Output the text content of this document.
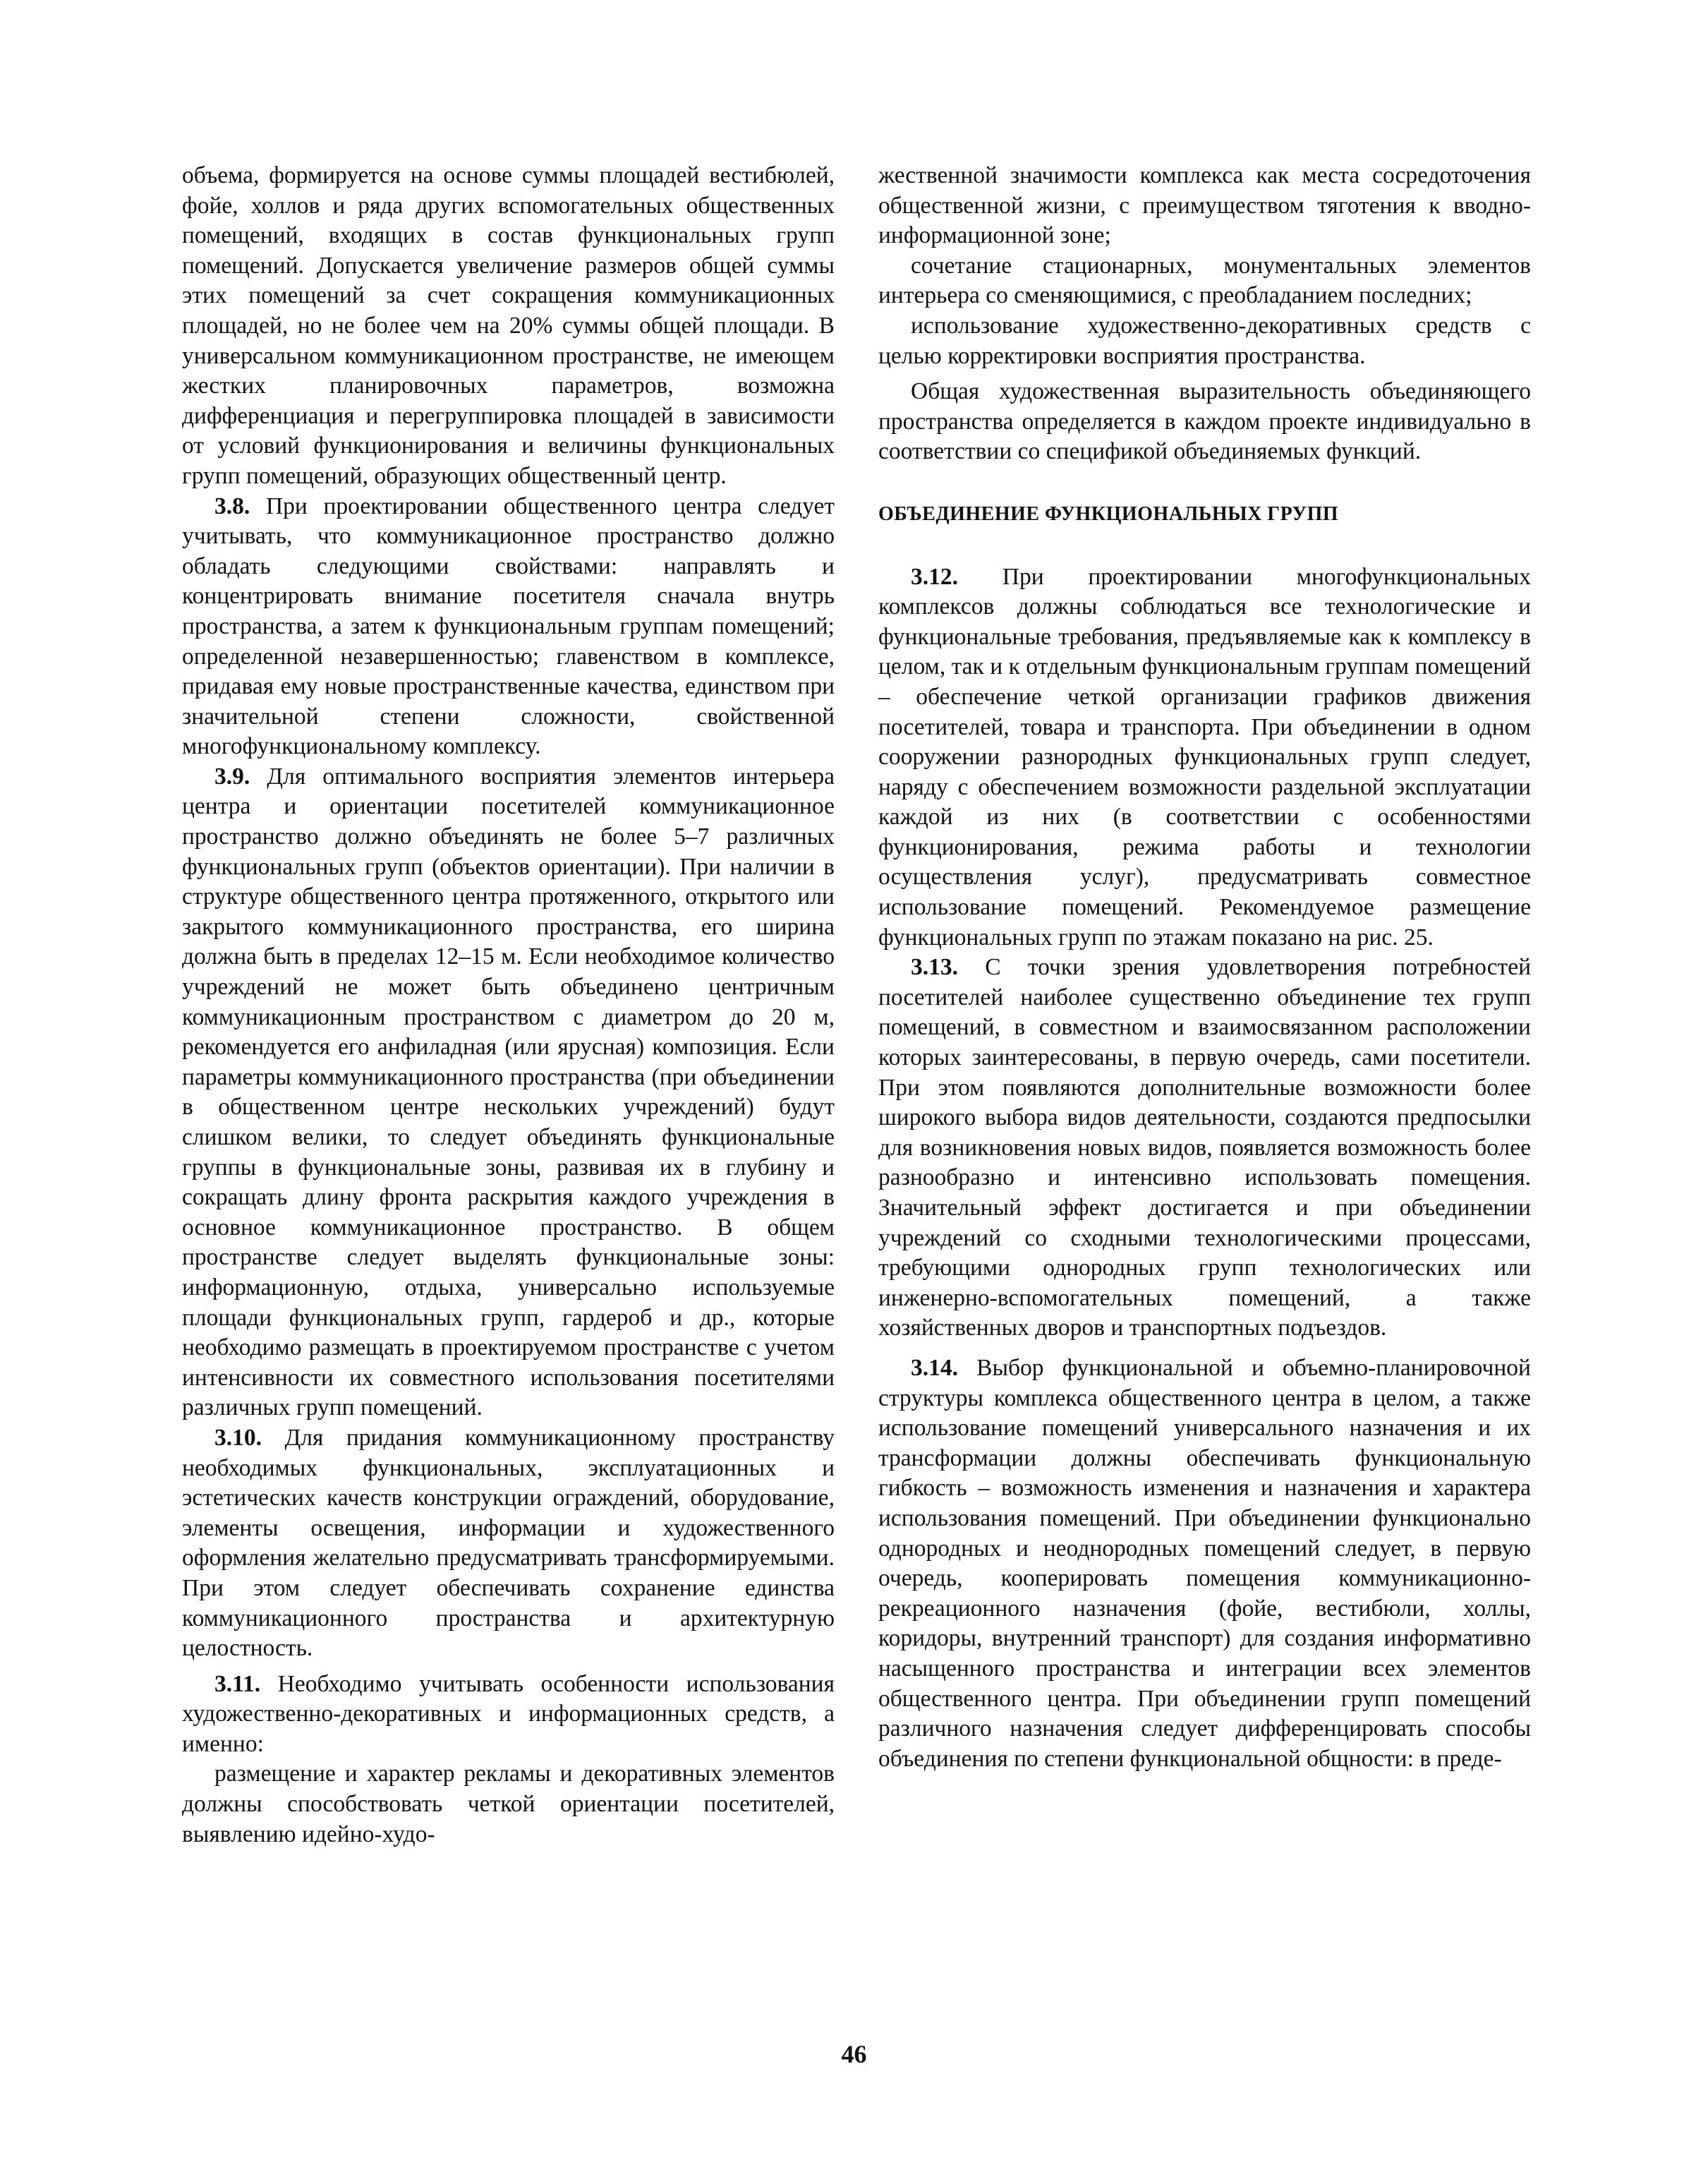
объема, формируется на основе суммы площадей вестибюлей, фойе, холлов и ряда других вспомогательных общественных помещений, входящих в состав функциональных групп помещений. Допускается увеличение размеров общей суммы этих помещений за счет сокращения коммуникационных площадей, но не более чем на 20% суммы общей площади. В универсальном коммуникационном пространстве, не имеющем жестких планировочных параметров, возможна дифференциация и перегруппировка площадей в зависимости от условий функционирования и величины функциональных групп помещений, образующих общественный центр.

3.8. При проектировании общественного центра следует учитывать, что коммуникационное пространство должно обладать следующими свойствами: направлять и концентрировать внимание посетителя сначала внутрь пространства, а затем к функциональным группам помещений; определенной незавершенностью; главенством в комплексе, придавая ему новые пространственные качества, единством при значительной степени сложности, свойственной многофункциональному комплексу.

3.9. Для оптимального восприятия элементов интерьера центра и ориентации посетителей коммуникационное пространство должно объединять не более 5–7 различных функциональных групп (объектов ориентации). При наличии в структуре общественного центра протяженного, открытого или закрытого коммуникационного пространства, его ширина должна быть в пределах 12–15 м. Если необходимое количество учреждений не может быть объединено центричным коммуникационным пространством с диаметром до 20 м, рекомендуется его анфиладная (или ярусная) композиция. Если параметры коммуникационного пространства (при объединении в общественном центре нескольких учреждений) будут слишком велики, то следует объединять функциональные группы в функциональные зоны, развивая их в глубину и сокращать длину фронта раскрытия каждого учреждения в основное коммуникационное пространство. В общем пространстве следует выделять функциональные зоны: информационную, отдыха, универсально используемые площади функциональных групп, гардероб и др., которые необходимо размещать в проектируемом пространстве с учетом интенсивности их совместного использования посетителями различных групп помещений.

3.10. Для придания коммуникационному пространству необходимых функциональных, эксплуатационных и эстетических качеств конструкции ограждений, оборудование, элементы освещения, информации и художественного оформления желательно предусматривать трансформируемыми. При этом следует обеспечивать сохранение единства коммуникационного пространства и архитектурную целостность.

3.11. Необходимо учитывать особенности использования художественно-декоративных и информационных средств, а именно:

размещение и характер рекламы и декоративных элементов должны способствовать четкой ориентации посетителей, выявлению идейно-худо-

жественной значимости комплекса как места сосредоточения общественной жизни, с преимуществом тяготения к вводно-информационной зоне;

сочетание стационарных, монументальных элементов интерьера со сменяющимися, с преобладанием последних;

использование художественно-декоративных средств с целью корректировки восприятия пространства.

Общая художественная выразительность объединяющего пространства определяется в каждом проекте индивидуально в соответствии со спецификой объединяемых функций.

ОБЪЕДИНЕНИЕ ФУНКЦИОНАЛЬНЫХ ГРУПП

3.12. При проектировании многофункциональных комплексов должны соблюдаться все технологические и функциональные требования, предъявляемые как к комплексу в целом, так и к отдельным функциональным группам помещений – обеспечение четкой организации графиков движения посетителей, товара и транспорта. При объединении в одном сооружении разнородных функциональных групп следует, наряду с обеспечением возможности раздельной эксплуатации каждой из них (в соответствии с особенностями функционирования, режима работы и технологии осуществления услуг), предусматривать совместное использование помещений. Рекомендуемое размещение функциональных групп по этажам показано на рис. 25.

3.13. С точки зрения удовлетворения потребностей посетителей наиболее существенно объединение тех групп помещений, в совместном и взаимосвязанном расположении которых заинтересованы, в первую очередь, сами посетители. При этом появляются дополнительные возможности более широкого выбора видов деятельности, создаются предпосылки для возникновения новых видов, появляется возможность более разнообразно и интенсивно использовать помещения. Значительный эффект достигается и при объединении учреждений со сходными технологическими процессами, требующими однородных групп технологических или инженерно-вспомогательных помещений, а также хозяйственных дворов и транспортных подъездов.

3.14. Выбор функциональной и объемно-планировочной структуры комплекса общественного центра в целом, а также использование помещений универсального назначения и их трансформации должны обеспечивать функциональную гибкость – возможность изменения и назначения и характера использования помещений. При объединении функционально однородных и неоднородных помещений следует, в первую очередь, кооперировать помещения коммуникационно-рекреационного назначения (фойе, вестибюли, холлы, коридоры, внутренний транспорт) для создания информативно насыщенного пространства и интеграции всех элементов общественного центра. При объединении групп помещений различного назначения следует дифференцировать способы объединения по степени функциональной общности: в преде-

46
